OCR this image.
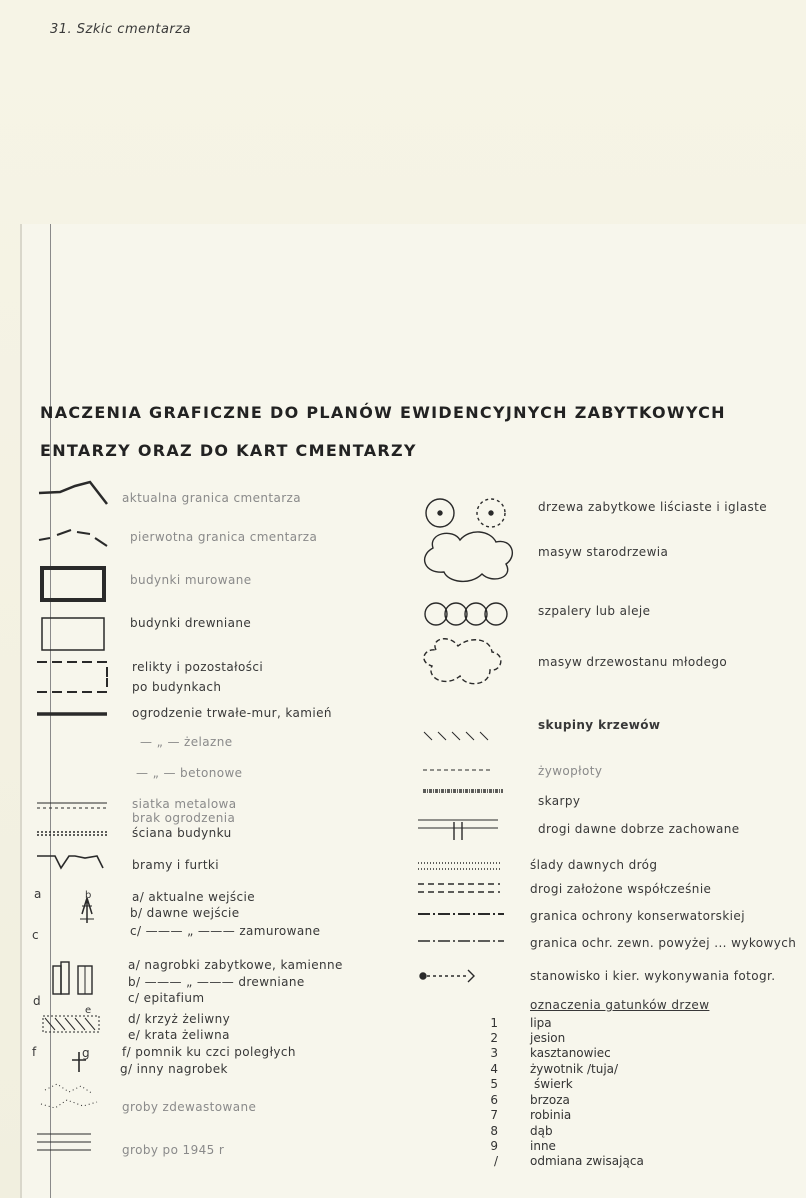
31. Szkic cmentarza
NACZENIA GRAFICZNE DO PLANÓW EWIDENCYJNYCH ZABYTKOWYCH
ENTARZY ORAZ DO KART CMENTARZY
a	b
c
d
e
f	g
aktualna granica cmentarza
pierwotna granica cmentarza
budynki murowane
budynki drewniane
relikty i pozostałości
po budynkach
ogrodzenie trwałe-mur, kamień
— „ — żelazne
— „ — betonowe
siatka metalowa
brak ogrodzenia
ściana budynku
bramy i furtki
a/ aktualne wejście
b/ dawne wejście
c/ ——— „ ——— zamurowane
a/ nagrobki zabytkowe, kamienne
b/ ——— „ ——— drewniane
c/ epitafium
d/ krzyż żeliwny
e/ krata żeliwna
f/ pomnik ku czci poległych
g/ inny nagrobek
groby zdewastowane
groby po 1945 r
drzewa zabytkowe liściaste i iglaste
masyw starodrzewia
szpalery lub aleje
masyw drzewostanu młodego
skupiny krzewów
żywopłoty
skarpy
drogi dawne dobrze zachowane
ślady dawnych dróg
drogi założone współcześnie
granica ochrony konserwatorskiej
granica ochr. zewn. powyżej ... wykowych
stanowisko i kier. wykonywania fotogr.
oznaczenia gatunków drzew
1	lipa
2	jesion
3	kasztanowiec
4	żywotnik /tuja/
5	świerk
6	brzoza
7	robinia
8	dąb
9	inne
/	odmiana zwisająca
